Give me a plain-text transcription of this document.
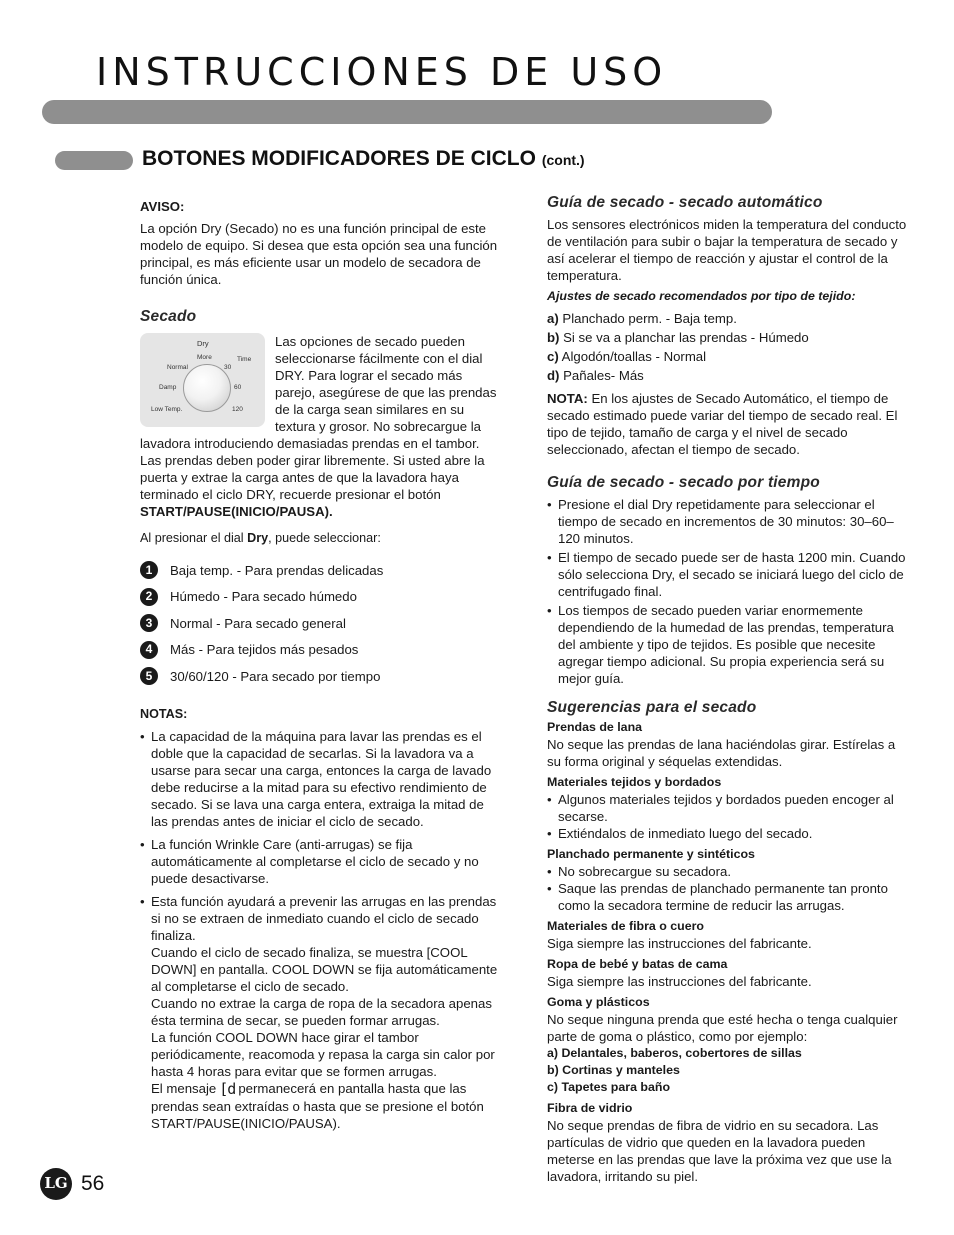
INSTRUCCIONES DE USO
BOTONES MODIFICADORES DE CICLO (cont.)

AVISO:

La opción Dry (Secado) no es una función principal de este modelo de equipo. Si desea que esta opción sea una función principal, es más eficiente usar un modelo de secadora de función única.

Secado

Dry
More	Time
Normal	30
Damp	60
Low Temp.	120

Las opciones de secado pueden seleccionarse fácilmente con el dial DRY. Para lograr el secado más parejo, asegúrese de que las prendas de la carga sean similares en su textura y grosor. No sobrecargue la lavadora introduciendo demasiadas prendas en el tambor. Las prendas deben poder girar libremente. Si usted abre la puerta y extrae la carga antes de que la lavadora haya terminado el ciclo DRY, recuerde presionar el botón START/PAUSE(INICIO/PAUSA).

Al presionar el dial Dry, puede seleccionar:

1	Baja temp. - Para prendas delicadas
2	Húmedo - Para secado húmedo
3	Normal - Para secado general
4	Más - Para tejidos más pesados
5	30/60/120 - Para secado por tiempo

NOTAS:

• La capacidad de la máquina para lavar las prendas es el doble que la capacidad de secarlas. Si la lavadora va a usarse para secar una carga, entonces la carga de lavado debe reducirse a la mitad para su efectivo rendimiento de secado. Si se lava una carga entera, extraiga la mitad de las prendas antes de iniciar el ciclo de secado.
• La función Wrinkle Care (anti-arrugas) se fija automáticamente al completarse el ciclo de secado y no puede desactivarse.
• Esta función ayudará a prevenir las arrugas en las prendas si no se extraen de inmediato cuando el ciclo de secado finaliza.
Cuando el ciclo de secado finaliza, se muestra [COOL DOWN] en pantalla. COOL DOWN se fija automáticamente al completarse el ciclo de secado.
Cuando no extrae la carga de ropa de la secadora apenas ésta termina de secar, se pueden formar arrugas.
La función COOL DOWN hace girar el tambor periódicamente, reacomoda y repasa la carga sin calor por hasta 4 horas para evitar que se formen arrugas.
El mensaje [d permanecerá en pantalla hasta que las prendas sean extraídas o hasta que se presione el botón START/PAUSE(INICIO/PAUSA).

Guía de secado - secado automático

Los sensores electrónicos miden la temperatura del conducto de ventilación para subir o bajar la temperatura de secado y así acelerar el tiempo de reacción y ajustar el control de la temperatura.

Ajustes de secado recomendados por tipo de tejido:

a) Planchado perm. - Baja temp.

b) Si se va a planchar las prendas - Húmedo

c) Algodón/toallas - Normal

d) Pañales- Más

NOTA: En los ajustes de Secado Automático, el tiempo de secado estimado puede variar del tiempo de secado real. El tipo de tejido, tamaño de carga y el nivel de secado seleccionado, afectan el tiempo de secado.

Guía de secado - secado por tiempo

• Presione el dial Dry repetidamente para seleccionar el tiempo de secado en incrementos de 30 minutos: 30–60–120 minutos.
• El tiempo de secado puede ser de hasta 1200 min. Cuando sólo selecciona Dry, el secado se iniciará luego del ciclo de centrifugado final.
• Los tiempos de secado pueden variar enormemente dependiendo de la humedad de las prendas, temperatura del ambiente y tipo de tejidos. Es posible que necesite agregar tiempo adicional. Su propia experiencia será su mejor guía.

Sugerencias para el secado

Prendas de lana

No seque las prendas de lana haciéndolas girar. Estírelas a su forma original y séquelas extendidas.

Materiales tejidos y bordados

• Algunos materiales tejidos y bordados pueden encoger al secarse.
• Extiéndalos de inmediato luego del secado.

Planchado permanente y sintéticos

• No sobrecargue su secadora.
• Saque las prendas de planchado permanente tan pronto como la secadora termine de reducir las arrugas.

Materiales de fibra o cuero

Siga siempre las instrucciones del fabricante.

Ropa de bebé y batas de cama

Siga siempre las instrucciones del fabricante.

Goma y plásticos

No seque ninguna prenda que esté hecha o tenga cualquier parte de goma o plástico, como por ejemplo:

a) Delantales, baberos, cobertores de sillas

b) Cortinas y manteles

c) Tapetes para baño

Fibra de vidrio

No seque prendas de fibra de vidrio en su secadora. Las partículas de vidrio que queden en la lavadora pueden meterse en las prendas que lave la próxima vez que use la lavadora, irritando su piel.

LG 56
